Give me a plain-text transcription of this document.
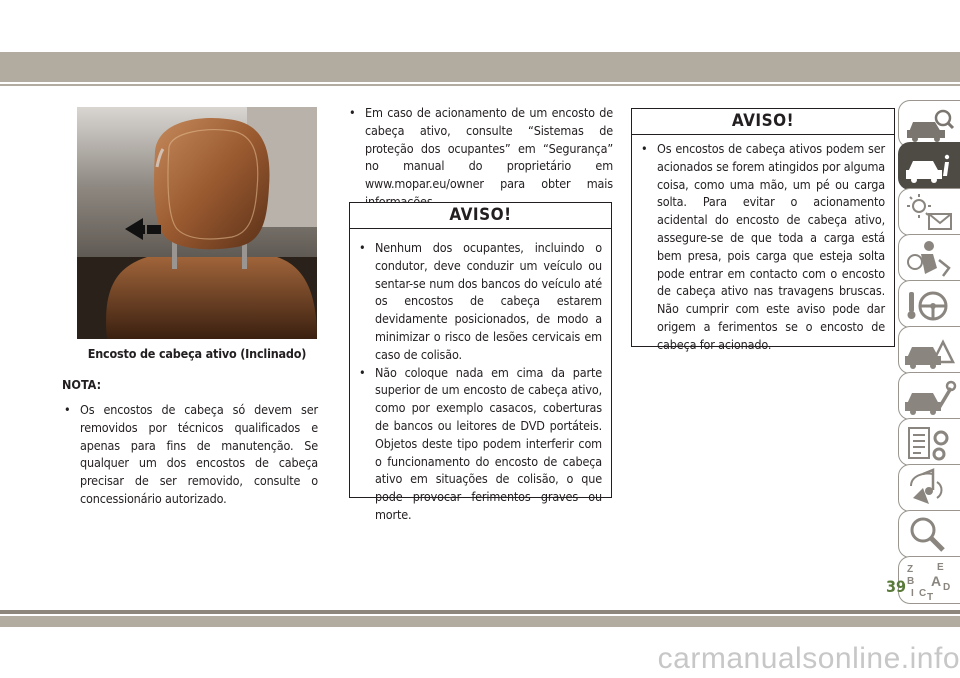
Encosto de cabeça ativo (Inclinado)
NOTA:
• Os encostos de cabeça só devem ser removidos por técnicos qualificados e apenas para fins de manutenção. Se qualquer um dos encostos de cabeça precisar de ser removido, consulte o concessionário autorizado.
• Em caso de acionamento de um encosto de cabeça ativo, consulte “Sistemas de proteção dos ocupantes” em “Segurança” no manual do proprietário em www.mopar.eu/owner para obter mais
AVISO!
• Nenhum dos ocupantes, incluindo o condutor, deve conduzir um veículo ou sentar-se num dos bancos do veículo até os encostos de cabeça estarem devidamente posicionados, de modo a minimizar o risco de lesões cervicais em caso de colisão.
• Não coloque nada em cima da parte superior de um encosto de cabeça ativo, como por exemplo casacos, coberturas de bancos ou leitores de DVD portáteis. Objetos deste tipo podem interferir com o funcionamento do encosto de cabeça ativo em situações de colisão, o que pode provocar ferimentos graves ou morte.
AVISO!
• Os encostos de cabeça ativos podem ser acionados se forem atingidos por alguma coisa, como uma mão, um pé ou carga solta. Para evitar o acionamento acidental do encosto de cabeça ativo, assegure-se de que toda a carga está bem presa, pois carga que esteja solta pode entrar em contacto com o encosto de cabeça ativo nas travagens bruscas. Não cumprir com este aviso pode dar origem a ferimentos se o encosto de cabeça for acionado.
Z E
B A
I C T
D
39
carmanualsonline.info
